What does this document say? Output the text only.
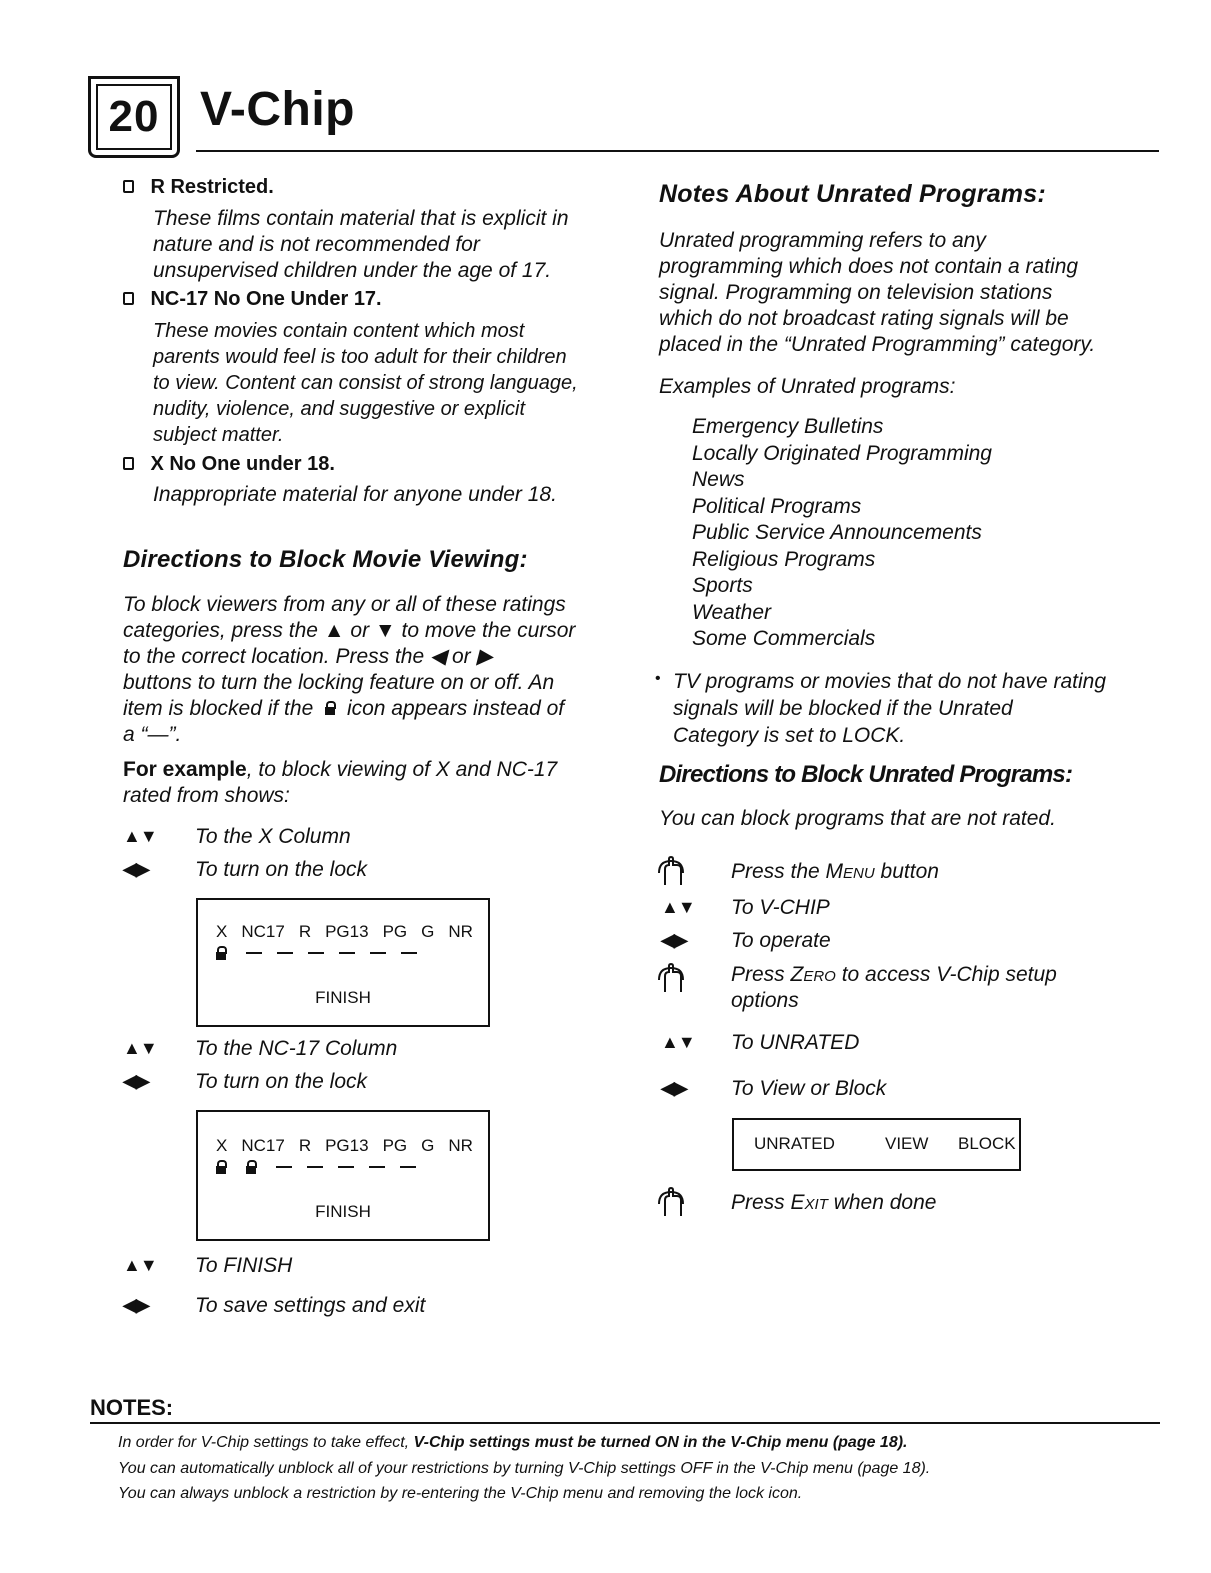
20 V-Chip
R Restricted.
These films contain material that is explicit in
nature and is not recommended for
unsupervised children under the age of 17.
NC-17 No One Under 17.
These movies contain content which most
parents would feel is too adult for their children
to view. Content can consist of strong language,
nudity, violence, and suggestive or explicit
subject matter.
X No One under 18.
Inappropriate material for anyone under 18.
Directions to Block Movie Viewing:
To block viewers from any or all of these ratings
categories, press the ▲ or ▼ to move the cursor
to the correct location. Press the ◀ or ▶
buttons to turn the locking feature on or off. An
item is blocked if the icon appears instead of
a “—”.
For example, to block viewing of X and NC-17
rated from shows:
▲▼ To the X Column
◀▶ To turn on the lock
X NC17 R PG13 PG G NR
FINISH
▲▼ To the NC-17 Column
◀▶ To turn on the lock
X NC17 R PG13 PG G NR
FINISH
▲▼ To FINISH
◀▶ To save settings and exit
Notes About Unrated Programs:
Unrated programming refers to any
programming which does not contain a rating
signal. Programming on television stations
which do not broadcast rating signals will be
placed in the “Unrated Programming” category.
Examples of Unrated programs:
Emergency Bulletins
Locally Originated Programming
News
Political Programs
Public Service Announcements
Religious Programs
Sports
Weather
Some Commercials
• TV programs or movies that do not have rating
signals will be blocked if the Unrated
Category is set to LOCK.
Directions to Block Unrated Programs:
You can block programs that are not rated.
Press the Menu button
▲▼ To V-CHIP
◀▶ To operate
Press Zero to access V-Chip setup
options
▲▼ To UNRATED
◀▶ To View or Block
UNRATED	VIEW BLOCK
Press Exit when done
NOTES:
In order for V-Chip settings to take effect, V-Chip settings must be turned ON in the V-Chip menu (page 18).
You can automatically unblock all of your restrictions by turning V-Chip settings OFF in the V-Chip menu (page 18).
You can always unblock a restriction by re-entering the V-Chip menu and removing the lock icon.
